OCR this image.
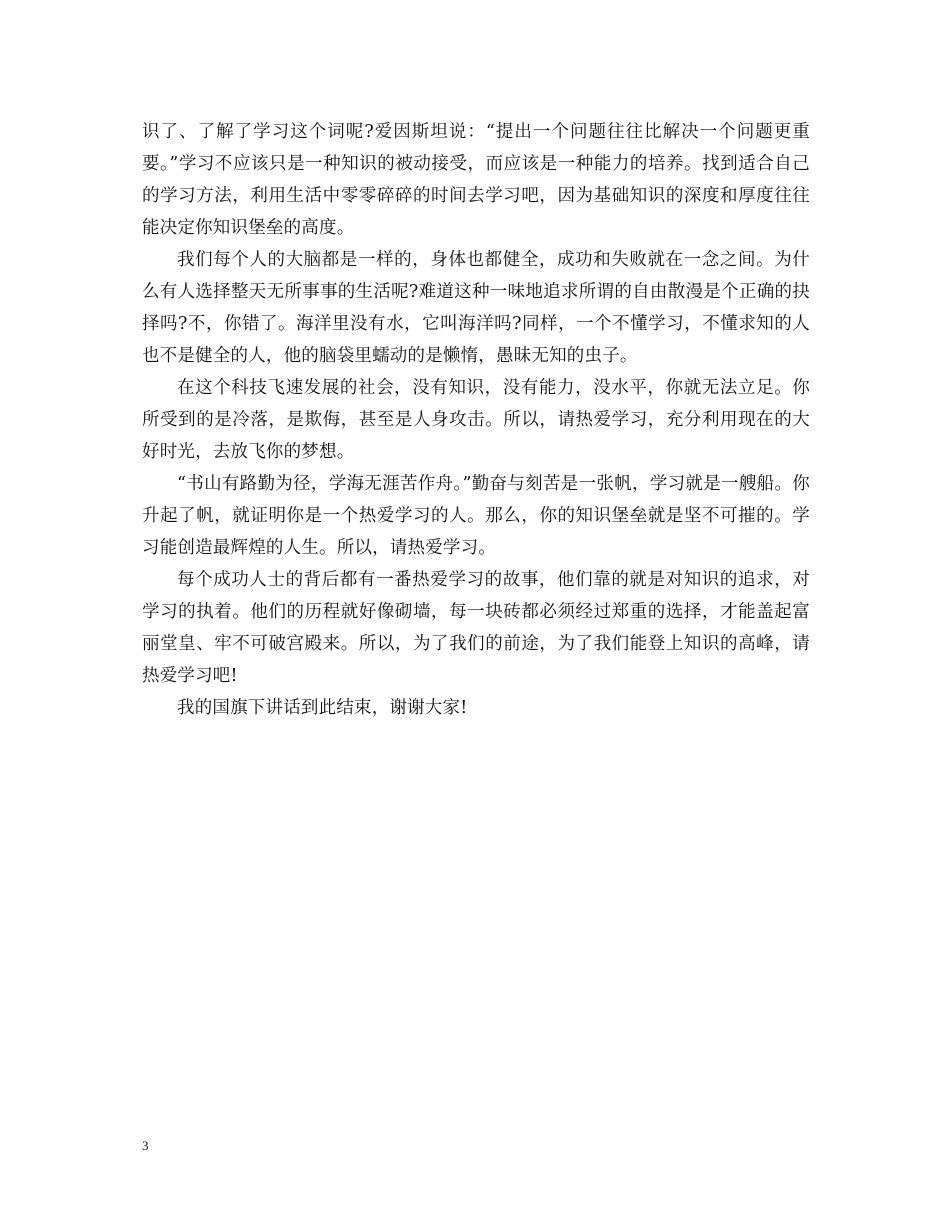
识了、了解了学习这个词呢?爱因斯坦说：“提出一个问题往往比解决一个问题更重要。”学习不应该只是一种知识的被动接受，而应该是一种能力的培养。找到适合自己的学习方法，利用生活中零零碎碎的时间去学习吧，因为基础知识的深度和厚度往往能决定你知识堡垒的高度。

我们每个人的大脑都是一样的，身体也都健全，成功和失败就在一念之间。为什么有人选择整天无所事事的生活呢?难道这种一味地追求所谓的自由散漫是个正确的抉择吗?不，你错了。海洋里没有水，它叫海洋吗?同样，一个不懂学习，不懂求知的人也不是健全的人，他的脑袋里蠕动的是懒惰，愚昧无知的虫子。

在这个科技飞速发展的社会，没有知识，没有能力，没水平，你就无法立足。你所受到的是冷落，是欺侮，甚至是人身攻击。所以，请热爱学习，充分利用现在的大好时光，去放飞你的梦想。

“书山有路勤为径，学海无涯苦作舟。”勤奋与刻苦是一张帆，学习就是一艘船。你升起了帆，就证明你是一个热爱学习的人。那么，你的知识堡垒就是坚不可摧的。学习能创造最辉煌的人生。所以，请热爱学习。

每个成功人士的背后都有一番热爱学习的故事，他们靠的就是对知识的追求，对学习的执着。他们的历程就好像砌墙，每一块砖都必须经过郑重的选择，才能盖起富丽堂皇、牢不可破宫殿来。所以，为了我们的前途，为了我们能登上知识的高峰，请热爱学习吧!

我的国旗下讲话到此结束，谢谢大家!

3
